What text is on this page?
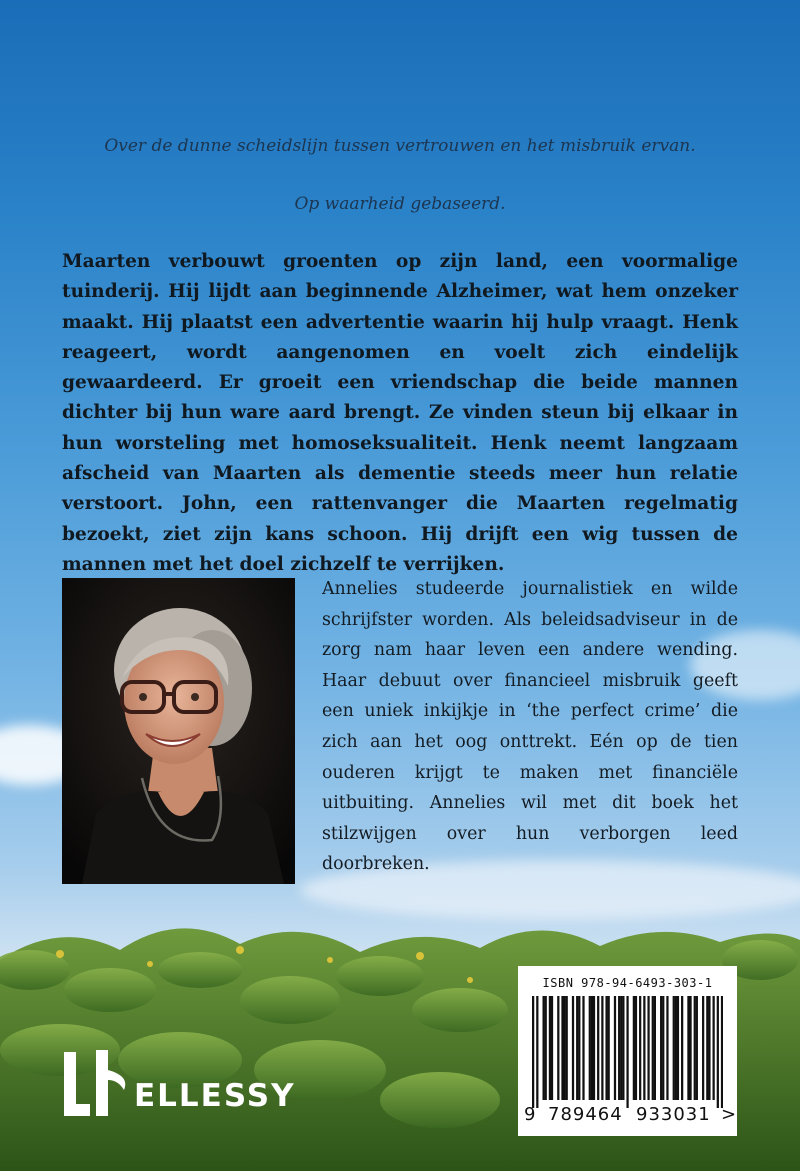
Over de dunne scheidslijn tussen vertrouwen en het misbruik ervan.

Op waarheid gebaseerd.

Maarten verbouwt groenten op zijn land, een voormalige tuinderij. Hij lijdt aan beginnende Alzheimer, wat hem onzeker maakt. Hij plaatst een advertentie waarin hij hulp vraagt. Henk reageert, wordt aangenomen en voelt zich eindelijk gewaardeerd. Er groeit een vriendschap die beide mannen dichter bij hun ware aard brengt. Ze vinden steun bij elkaar in hun worsteling met homoseksualiteit. Henk neemt langzaam afscheid van Maarten als dementie steeds meer hun relatie verstoort. John, een rattenvanger die Maarten regelmatig bezoekt, ziet zijn kans schoon. Hij drijft een wig tussen de mannen met het doel zichzelf te verrijken.

Annelies studeerde journalistiek en wilde schrijfster worden. Als beleidsadviseur in de zorg nam haar leven een andere wending. Haar debuut over financieel misbruik geeft een uniek inkijkje in ‘the perfect crime’ die zich aan het oog onttrekt. Eén op de tien ouderen krijgt te maken met financiële uitbuiting. Annelies wil met dit boek het stilzwijgen over hun verborgen leed doorbreken.

ELLESSY
ISBN 978-94-6493-303-1
9 789464 933031 >
